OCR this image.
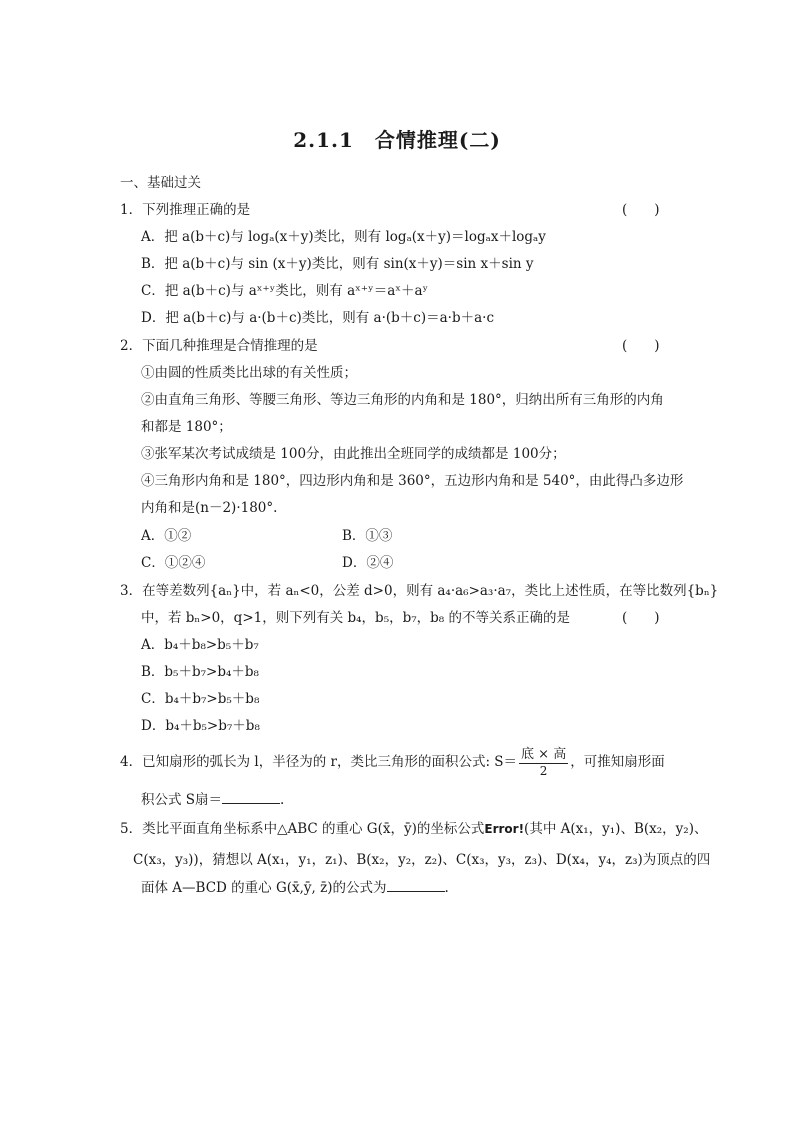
2.1.1　合情推理(二)
一、基础过关
1．下列推理正确的是	(　　)
A．把 a(b＋c)与 logₐ(x＋y)类比，则有 logₐ(x＋y)＝logₐx＋logₐy
B．把 a(b＋c)与 sin (x＋y)类比，则有 sin(x＋y)＝sin x＋sin y
C．把 a(b＋c)与 aˣ⁺ʸ类比，则有 aˣ⁺ʸ＝aˣ＋aʸ
D．把 a(b＋c)与 a·(b＋c)类比，则有 a·(b＋c)＝a·b＋a·c
2．下面几种推理是合情推理的是	(　　)
①由圆的性质类比出球的有关性质；
②由直角三角形、等腰三角形、等边三角形的内角和是 180°，归纳出所有三角形的内角
和都是 180°；
③张军某次考试成绩是 100分，由此推出全班同学的成绩都是 100分；
④三角形内角和是 180°，四边形内角和是 360°，五边形内角和是 540°，由此得凸多边形
内角和是(n－2)·180°.
A．①②	B．①③
C．①②④	D．②④
3．在等差数列{aₙ}中，若 aₙ<0，公差 d>0，则有 a₄·a₆>a₃·a₇，类比上述性质，在等比数列{bₙ}
中，若 bₙ>0，q>1，则下列有关 b₄，b₅，b₇，b₈ 的不等关系正确的是	(　　)
A．b₄＋b₈>b₅＋b₇
B．b₅＋b₇>b₄＋b₈
C．b₄＋b₇>b₅＋b₈
D．b₄＋b₅>b₇＋b₈
4．已知扇形的弧长为 l，半径为的 r，类比三角形的面积公式: $S= \frac{\text{底 × 高}}{2}$ ，可推知扇形面
积公式 S扇＝	.
5．类比平面直角坐标系中△ABC 的重心 G(x̄，ȳ)的坐标公式Error!(其中 A(x₁，y₁)、B(x₂，y₂)、
C(x₃，y₃))，猜想以 A(x₁，y₁，z₁)、B(x₂，y₂，z₂)、C(x₃，y₃，z₃)、D(x₄，y₄，z₃)为顶点的四
面体 A—BCD 的重心 G(x̄,ȳ, z̄)的公式为	.
